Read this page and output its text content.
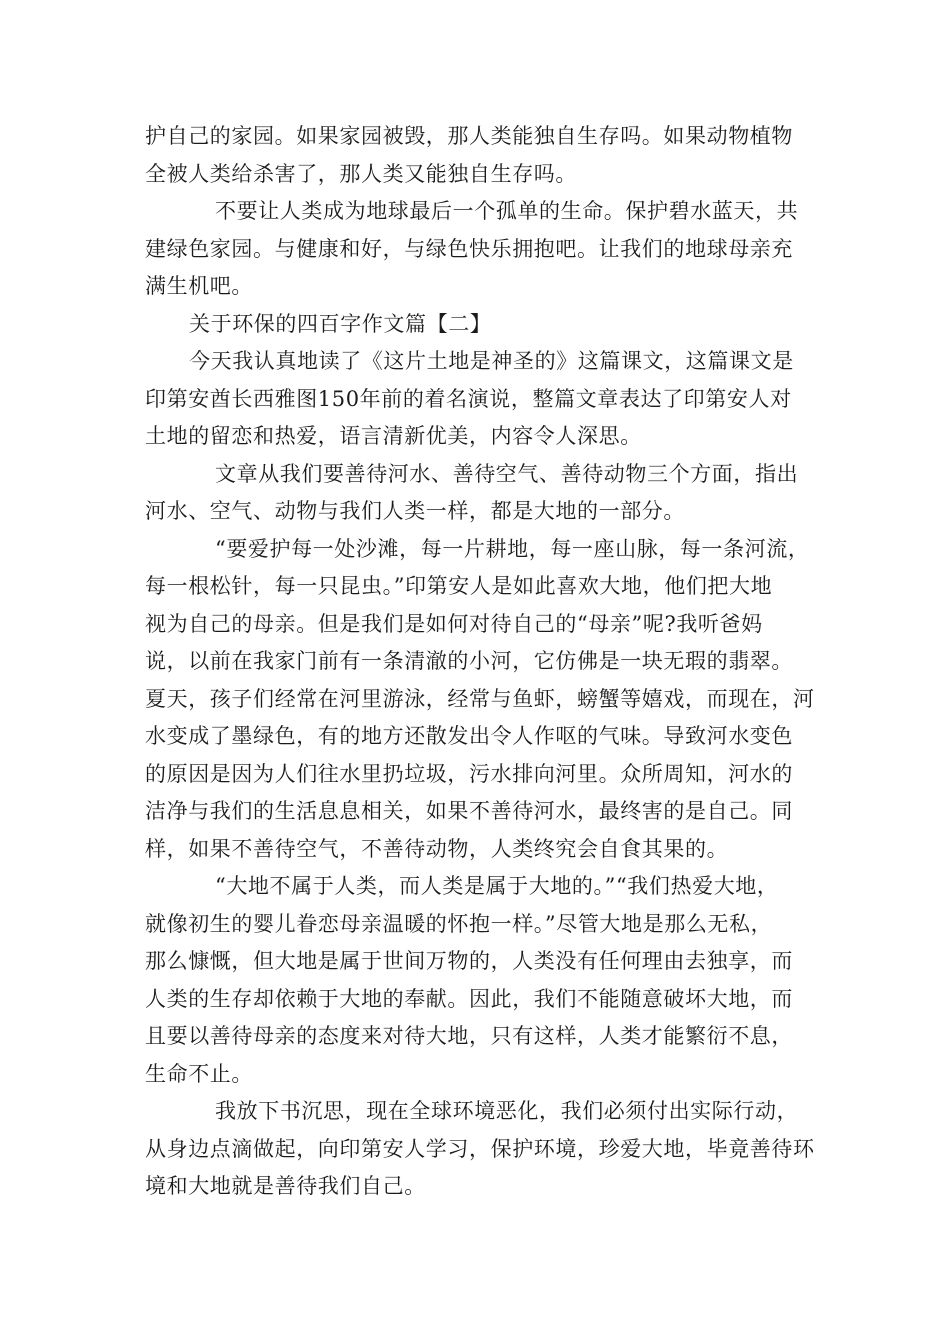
护自己的家园。如果家园被毁，那人类能独自生存吗。如果动物植物
全被人类给杀害了，那人类又能独自生存吗。
不要让人类成为地球最后一个孤单的生命。保护碧水蓝天，共
建绿色家园。与健康和好，与绿色快乐拥抱吧。让我们的地球母亲充
满生机吧。
关于环保的四百字作文篇【二】
今天我认真地读了《这片土地是神圣的》这篇课文，这篇课文是
印第安酋长西雅图150年前的着名演说，整篇文章表达了印第安人对
土地的留恋和热爱，语言清新优美，内容令人深思。
文章从我们要善待河水、善待空气、善待动物三个方面，指出
河水、空气、动物与我们人类一样，都是大地的一部分。
“要爱护每一处沙滩，每一片耕地，每一座山脉，每一条河流，
每一根松针，每一只昆虫。”印第安人是如此喜欢大地，他们把大地
视为自己的母亲。但是我们是如何对待自己的“母亲”呢?我听爸妈
说，以前在我家门前有一条清澈的小河，它仿佛是一块无瑕的翡翠。
夏天，孩子们经常在河里游泳，经常与鱼虾，螃蟹等嬉戏，而现在，河
水变成了墨绿色，有的地方还散发出令人作呕的气味。导致河水变色
的原因是因为人们往水里扔垃圾，污水排向河里。众所周知，河水的
洁净与我们的生活息息相关，如果不善待河水，最终害的是自己。同
样，如果不善待空气，不善待动物，人类终究会自食其果的。
“大地不属于人类，而人类是属于大地的。”“我们热爱大地，
就像初生的婴儿眷恋母亲温暖的怀抱一样。”尽管大地是那么无私，
那么慷慨，但大地是属于世间万物的，人类没有任何理由去独享，而
人类的生存却依赖于大地的奉献。因此，我们不能随意破坏大地，而
且要以善待母亲的态度来对待大地，只有这样，人类才能繁衍不息，
生命不止。
我放下书沉思，现在全球环境恶化，我们必须付出实际行动，
从身边点滴做起，向印第安人学习，保护环境，珍爱大地，毕竟善待环
境和大地就是善待我们自己。
